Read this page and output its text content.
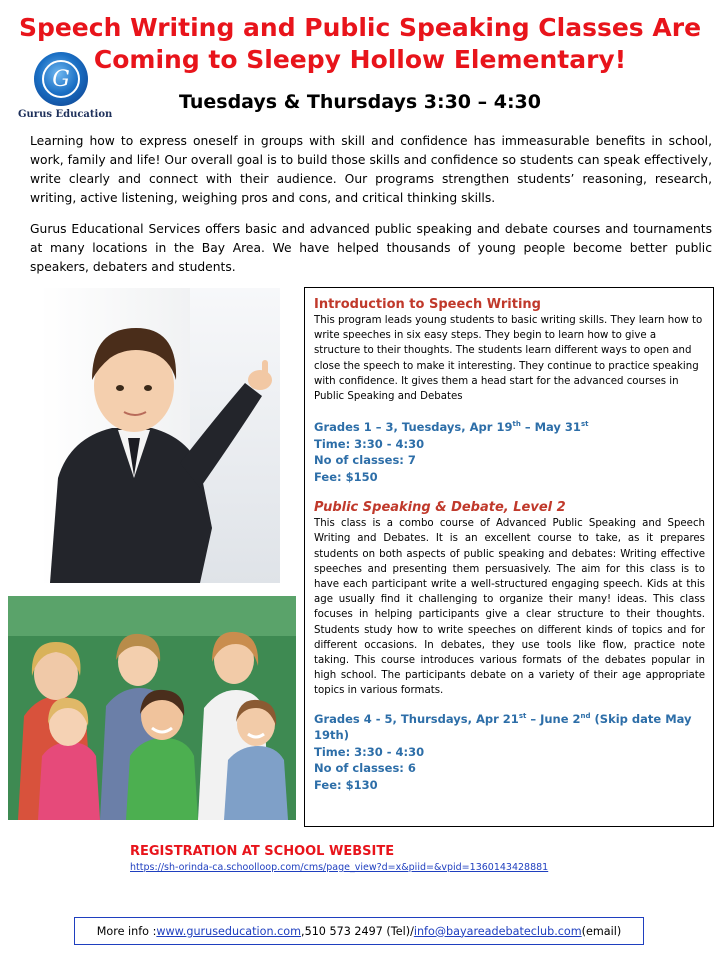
Speech Writing and Public Speaking Classes Are
Coming to Sleepy Hollow Elementary!
G
Gurus Education
Tuesdays & Thursdays 3:30 – 4:30
Learning how to express oneself in groups with skill and confidence has immeasurable benefits in school, work, family and life! Our overall goal is to build those skills and confidence so students can speak effectively, write clearly and connect with their audience. Our programs strengthen students’ reasoning, research, writing, active listening, weighing pros and cons, and critical thinking skills.
Gurus Educational Services offers basic and advanced public speaking and debate courses and tournaments at many locations in the Bay Area. We have helped thousands of young people become better public speakers, debaters and students.
Introduction to Speech Writing

This program leads young students to basic writing skills. They learn how to write speeches in six easy steps. They begin to learn how to give a structure to their thoughts. The students learn different ways to open and close the speech to make it interesting. They continue to practice speaking with confidence. It gives them a head start for the advanced courses in Public Speaking and Debates

Grades 1 – 3, Tuesdays, Apr 19th – May 31st
Time: 3:30 - 4:30
No of classes: 7
Fee: $150
Public Speaking & Debate, Level 2

This class is a combo course of Advanced Public Speaking and Speech Writing and Debates. It is an excellent course to take, as it prepares students on both aspects of public speaking and debates: Writing effective speeches and presenting them persuasively. The aim for this class is to have each participant write a well-structured engaging speech. Kids at this age usually find it challenging to organize their many! ideas. This class focuses in helping participants give a clear structure to their thoughts. Students study how to write speeches on different kinds of topics and for different occasions. In debates, they use tools like flow, practice note taking. This course introduces various formats of the debates popular in high school. The participants debate on a variety of their age appropriate topics in various formats.

Grades 4 - 5, Thursdays, Apr 21st – June 2nd (Skip date May 19th)
Time: 3:30 - 4:30
No of classes: 6
Fee: $130
REGISTRATION AT SCHOOL WEBSITE
https://sh-orinda-ca.schoolloop.com/cms/page_view?d=x&piid=&vpid=1360143428881
More info : www.guruseducation.com ,510 573 2497 (Tel)/ info@bayareadebateclub.com (email)
